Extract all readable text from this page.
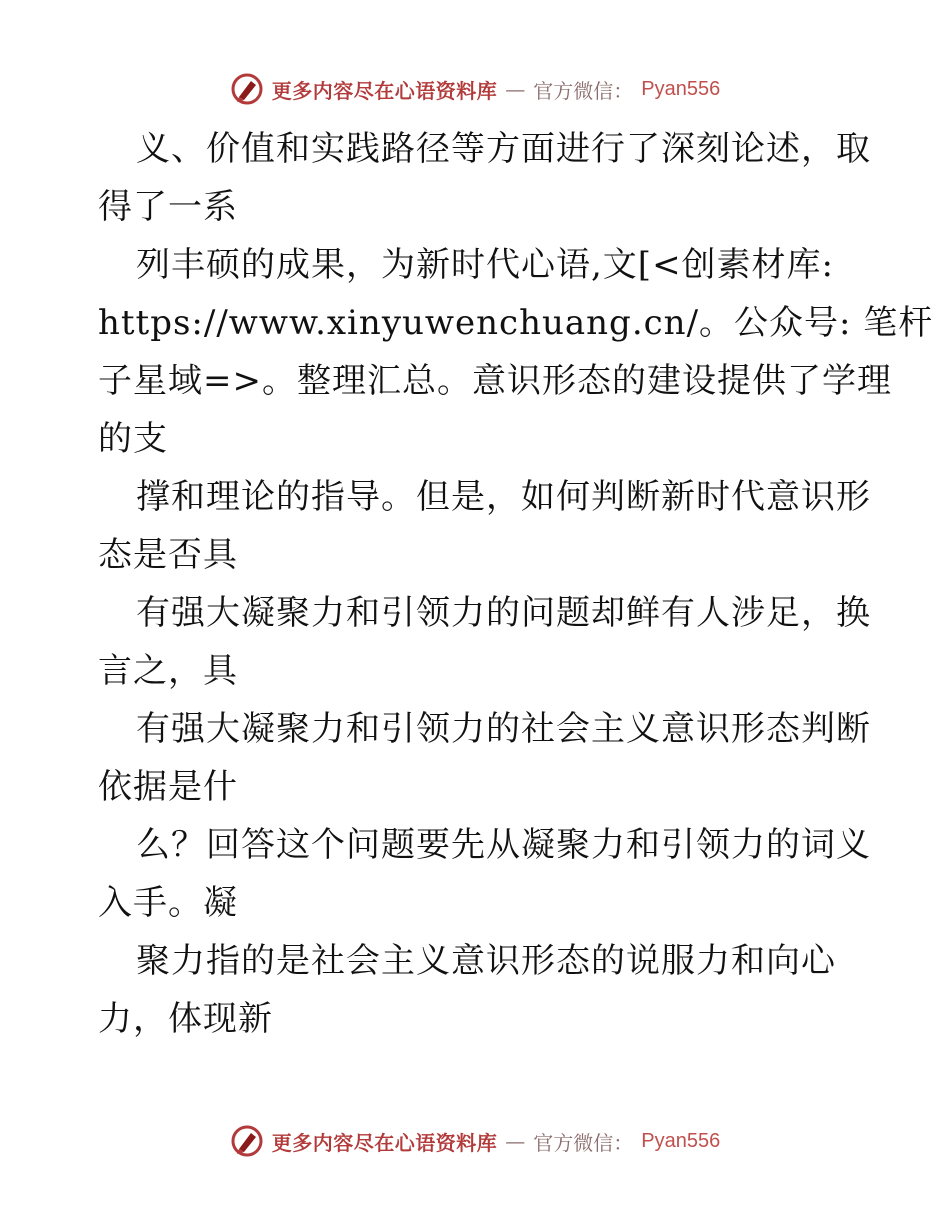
更多内容尽在心语资料库 — 官方微信： Pyan556
义、价值和实践路径等方面进行了深刻论述，取
得了一系
列丰硕的成果，为新时代心语,文[<创素材库:
https://www.xinyuwenchuang.cn/。公众号: 笔杆
子星域=>。整理汇总。意识形态的建设提供了学理
的支
撑和理论的指导。但是，如何判断新时代意识形
态是否具
有强大凝聚力和引领力的问题却鲜有人涉足，换
言之，具
有强大凝聚力和引领力的社会主义意识形态判断
依据是什
么？回答这个问题要先从凝聚力和引领力的词义
入手。凝
聚力指的是社会主义意识形态的说服力和向心
力，体现新
更多内容尽在心语资料库 — 官方微信： Pyan556
